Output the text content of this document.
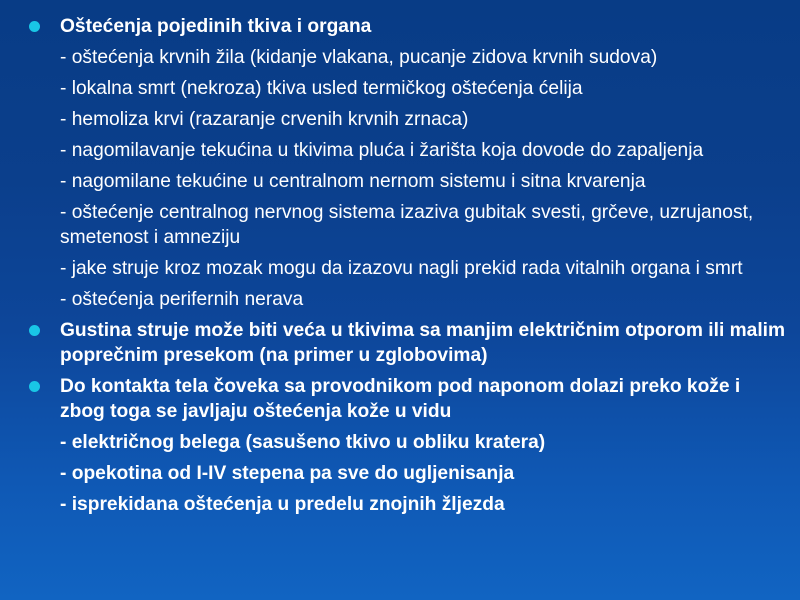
Oštećenja pojedinih tkiva i organa
- oštećenja krvnih žila (kidanje vlakana, pucanje zidova krvnih sudova)
- lokalna smrt (nekroza) tkiva usled termičkog oštećenja ćelija
- hemoliza krvi (razaranje crvenih krvnih zrnaca)
- nagomilavanje tekućina u tkivima pluća i žarišta koja dovode do zapaljenja
- nagomilane tekućine u centralnom nernom sistemu i sitna krvarenja
- oštećenje centralnog nervnog sistema izaziva gubitak svesti, grčeve, uzrujanost, smetenost i amneziju
- jake struje kroz mozak mogu da izazovu nagli prekid rada vitalnih organa i smrt
- oštećenja perifernih nerava
Gustina struje može biti veća u tkivima sa manjim električnim otporom ili malim poprečnim presekom (na primer u zglobovima)
Do kontakta tela čoveka sa provodnikom pod naponom dolazi preko kože i zbog toga se javljaju oštećenja kože u vidu
- električnog belega (sasušeno tkivo u obliku kratera)
- opekotina od I-IV stepena pa sve do ugljenisanja
- isprekidana oštećenja u predelu znojnih žljezda
